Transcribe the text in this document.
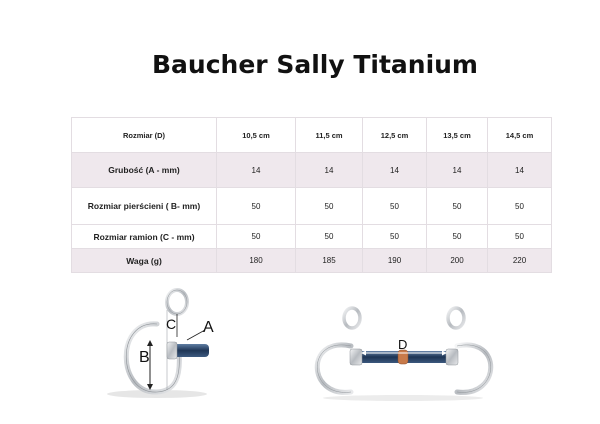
Baucher Sally Titanium
Rozmiar (D)	10,5 cm	11,5 cm	12,5 cm	13,5 cm	14,5 cm
Grubość (A - mm)	14	14	14	14	14
Rozmiar pierścieni ( B- mm)	50	50	50	50	50
Rozmiar ramion (C - mm)	50	50	50	50	50
Waga (g)	180	185	190	200	220
B
C A
D
